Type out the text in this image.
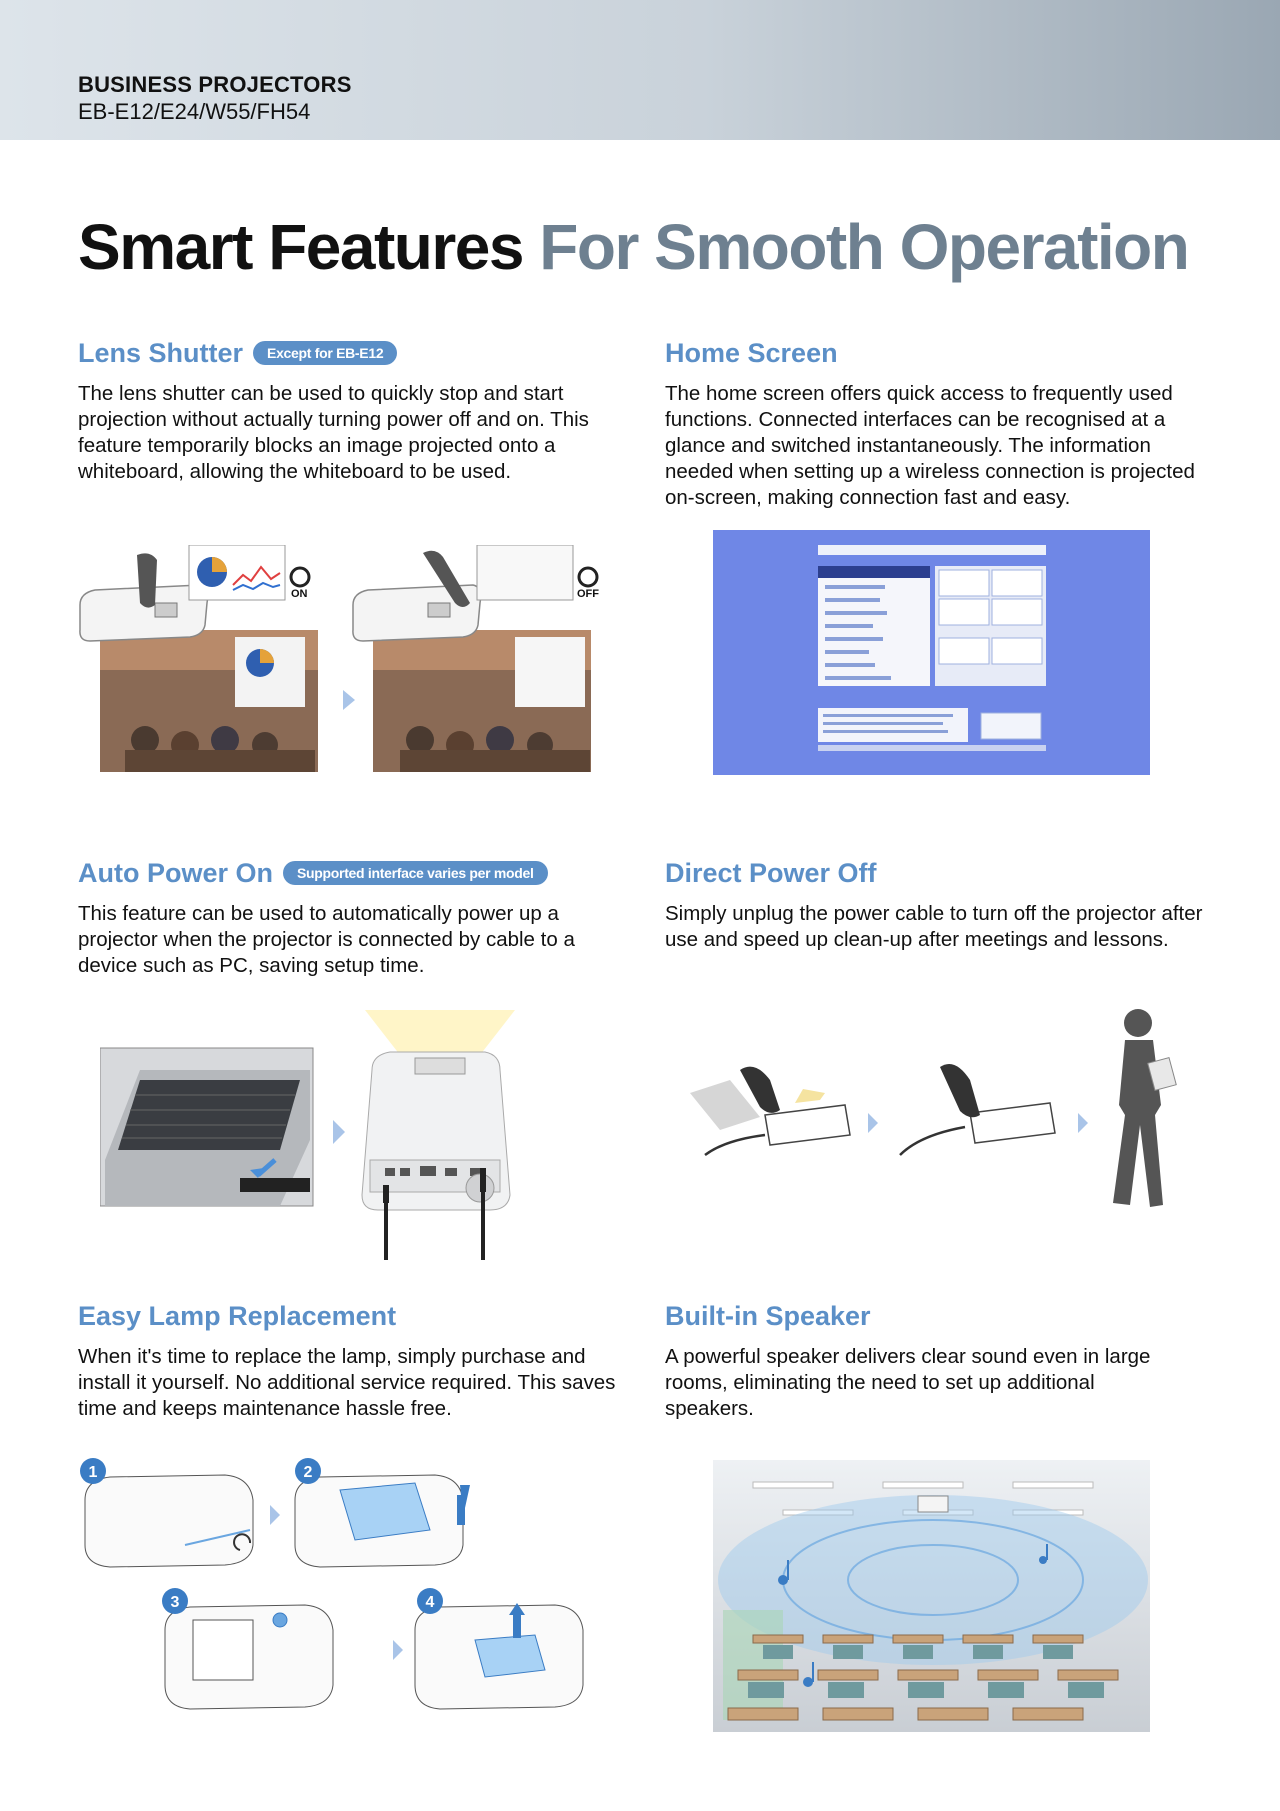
BUSINESS PROJECTORS
EB-E12/E24/W55/FH54
Smart Features For Smooth Operation
Lens Shutter Except for EB-E12
The lens shutter can be used to quickly stop and start projection without actually turning power off and on. This feature temporarily blocks an image projected onto a whiteboard, allowing the whiteboard to be used.
ON	OFF
Home Screen
The home screen offers quick access to frequently used functions. Connected interfaces can be recognised at a glance and switched instantaneously. The information needed when setting up a wireless connection is projected on-screen, making connection fast and easy.
Auto Power On Supported interface varies per model
This feature can be used to automatically power up a projector when the projector is connected by cable to a device such as PC, saving setup time.
Direct Power Off
Simply unplug the power cable to turn off the projector after use and speed up clean-up after meetings and lessons.
Easy Lamp Replacement
When it's time to replace the lamp, simply purchase and install it yourself. No additional service required. This saves time and keeps maintenance hassle free.
1	2
3	4
Built-in Speaker
A powerful speaker delivers clear sound even in large rooms, eliminating the need to set up additional speakers.
